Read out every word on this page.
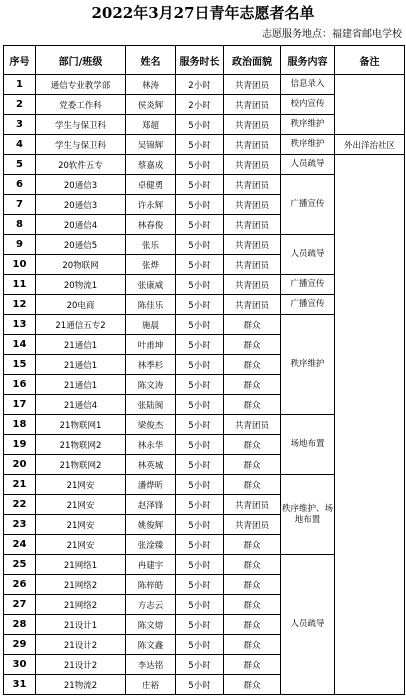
2022年3月27日青年志愿者名单
志愿服务地点：福建省邮电学校
序号	部门/班级	姓名	服务时长	政治面貌	服务内容	备注
1	通信专业教学部	林涛	2小时	共青团员	信息录入	
2	党委工作科	侯炎辉	2小时	共青团员	校内宣传	
3	学生与保卫科	郑超	5小时	共青团员	秩序维护	
4	学生与保卫科	吴锦辉	5小时	共青团员	秩序维护	外出洋治社区
5	20软件五专	蔡嘉成	5小时	共青团员	人员疏导	
6	20通信3	卓健勇	5小时	共青团员	广播宣传	
7	20通信3	许永辉	5小时	共青团员		
8	20通信4	林春俊	5小时	共青团员		
9	20通信5	张乐	5小时	共青团员	人员疏导	
10	20物联网	张烨	5小时	共青团员		
11	20物流1	张康威	5小时	共青团员	广播宣传	
12	20电商	陈佳乐	5小时	共青团员	广播宣传	
13	21通信五专2	施晨	5小时	群众	秩序维护	
14	21通信1	叶甫坤	5小时	群众		
15	21通信1	林季杉	5小时	群众		
16	21通信1	陈文涛	5小时	群众		
17	21通信4	张陆闽	5小时	群众		
18	21物联网1	梁俊杰	5小时	共青团员	场地布置	
19	21物联网2	林永华	5小时	群众		
20	21物联网2	林英城	5小时	群众		
21	21网安	潘烨昕	5小时	群众	秩序维护、场地布置	
22	21网安	赵泽锋	5小时	共青团员		
23	21网安	姚俊辉	5小时	共青团员		
24	21网安	张淦臻	5小时	群众		
25	21网络1	冉建宇	5小时	群众	人员疏导	
26	21网络2	陈梓皓	5小时	群众		
27	21网络2	方志云	5小时	群众		
28	21设计1	陈文熔	5小时	群众		
29	21设计2	陈文鑫	5小时	群众		
30	21设计2	李达铭	5小时	群众		
31	21物流2	庄裕	5小时	群众		
